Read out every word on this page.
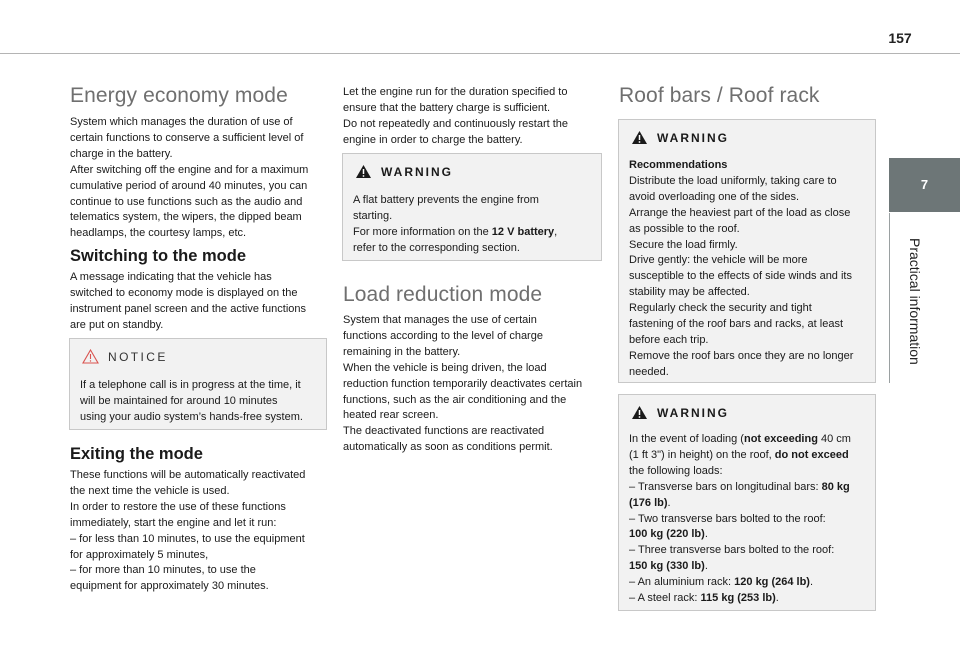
157
7
Practical information
Energy economy mode
System which manages the duration of use of
certain functions to conserve a sufficient level of
charge in the battery.
After switching off the engine and for a maximum
cumulative period of around 40 minutes, you can
continue to use functions such as the audio and
telematics system, the wipers, the dipped beam
headlamps, the courtesy lamps, etc.
Switching to the mode
A message indicating that the vehicle has
switched to economy mode is displayed on the
instrument panel screen and the active functions
are put on standby.
NOTICE
If a telephone call is in progress at the time, it
will be maintained for around 10 minutes
using your audio system’s hands-free system.
Exiting the mode
These functions will be automatically reactivated
the next time the vehicle is used.
In order to restore the use of these functions
immediately, start the engine and let it run:
– for less than 10 minutes, to use the equipment
for approximately 5 minutes,
– for more than 10 minutes, to use the
equipment for approximately 30 minutes.
Let the engine run for the duration specified to
ensure that the battery charge is sufficient.
Do not repeatedly and continuously restart the
engine in order to charge the battery.
WARNING
A flat battery prevents the engine from
starting.
For more information on the 12 V battery,
refer to the corresponding section.
Load reduction mode
System that manages the use of certain
functions according to the level of charge
remaining in the battery.
When the vehicle is being driven, the load
reduction function temporarily deactivates certain
functions, such as the air conditioning and the
heated rear screen.
The deactivated functions are reactivated
automatically as soon as conditions permit.
Roof bars / Roof rack
WARNING
Recommendations
Distribute the load uniformly, taking care to
avoid overloading one of the sides.
Arrange the heaviest part of the load as close
as possible to the roof.
Secure the load firmly.
Drive gently: the vehicle will be more
susceptible to the effects of side winds and its
stability may be affected.
Regularly check the security and tight
fastening of the roof bars and racks, at least
before each trip.
Remove the roof bars once they are no longer
needed.
WARNING
In the event of loading (not exceeding 40 cm
(1 ft 3") in height) on the roof, do not exceed
the following loads:
– Transverse bars on longitudinal bars: 80 kg
(176 lb).
– Two transverse bars bolted to the roof:
100 kg (220 lb).
– Three transverse bars bolted to the roof:
150 kg (330 lb).
– An aluminium rack: 120 kg (264 lb).
– A steel rack: 115 kg (253 lb).
